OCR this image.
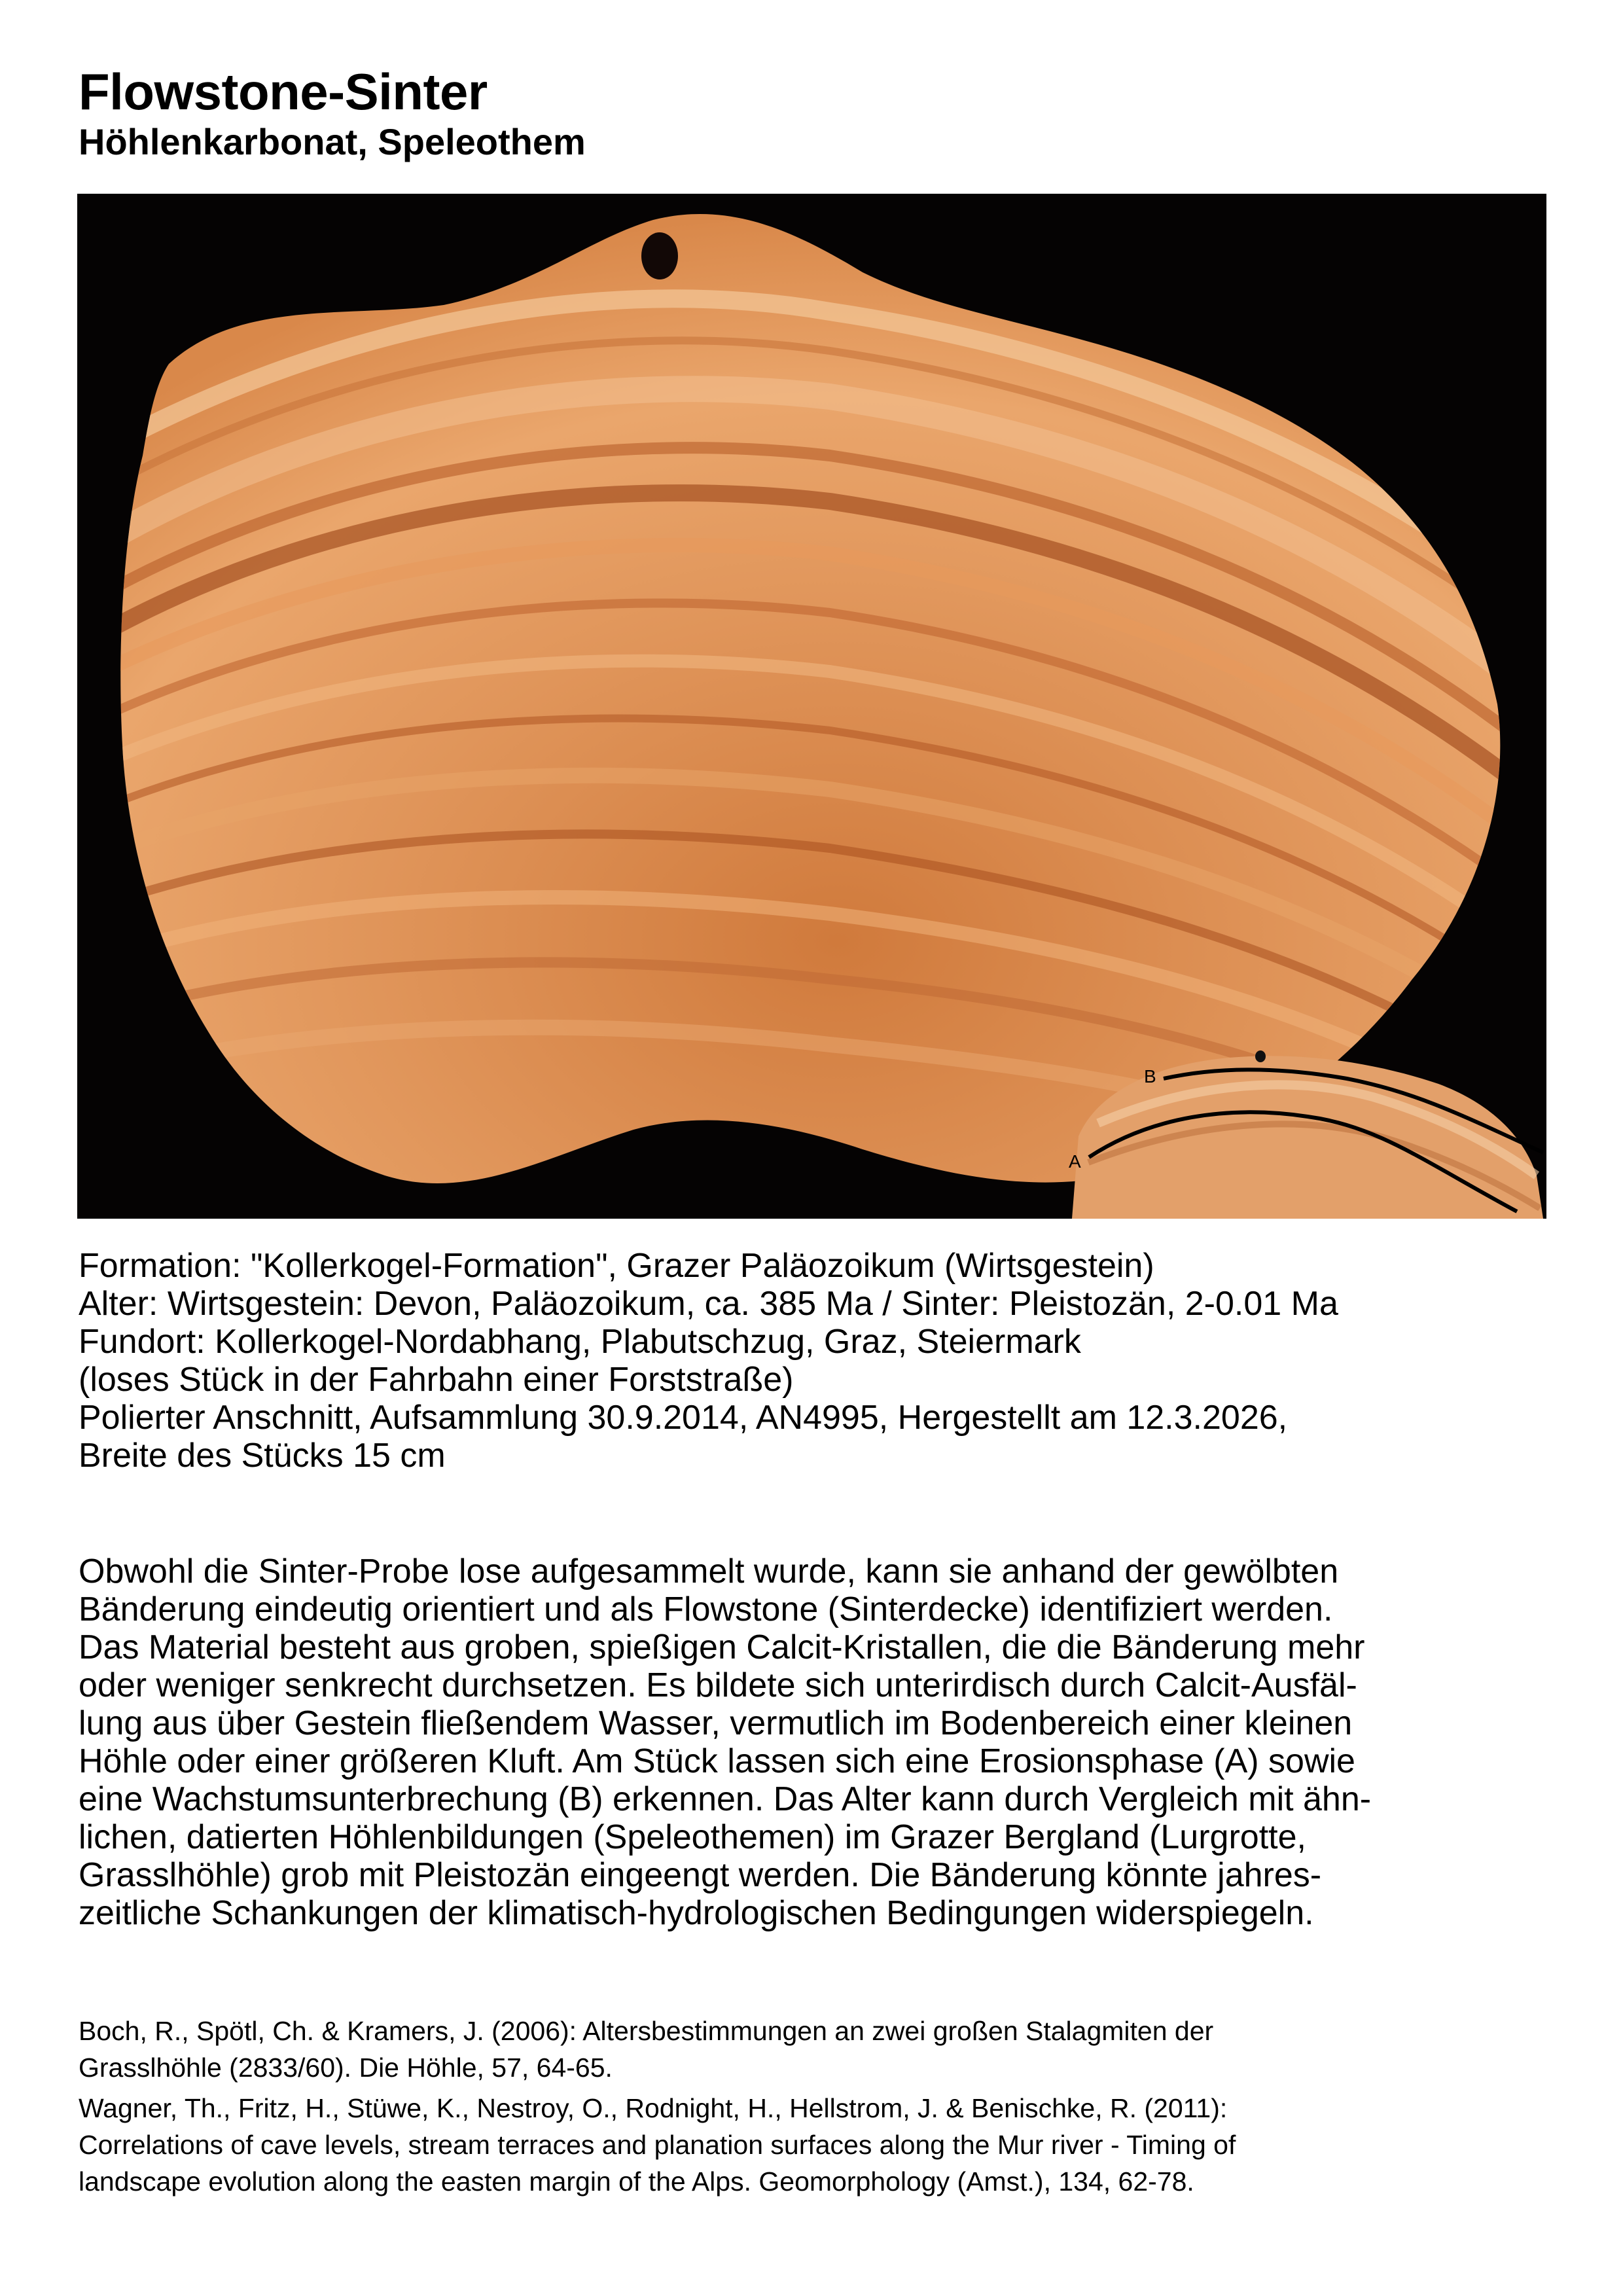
Flowstone-Sinter
Höhlenkarbonat, Speleothem
A
B
Formation: "Kollerkogel-Formation", Grazer Paläozoikum (Wirtsgestein)
Alter: Wirtsgestein: Devon, Paläozoikum, ca. 385 Ma / Sinter: Pleistozän, 2-0.01 Ma
Fundort: Kollerkogel-Nordabhang, Plabutschzug, Graz, Steiermark
(loses Stück in der Fahrbahn einer Forststraße)
Polierter Anschnitt, Aufsammlung 30.9.2014, AN4995, Hergestellt am 12.3.2026,
Breite des Stücks 15 cm
Obwohl die Sinter-Probe lose aufgesammelt wurde, kann sie anhand der gewölbten
Bänderung eindeutig orientiert und als Flowstone (Sinterdecke) identifiziert werden.
Das Material besteht aus groben, spießigen Calcit-Kristallen, die die Bänderung mehr
oder weniger senkrecht durchsetzen. Es bildete sich unterirdisch durch Calcit-Ausfäl-
lung aus über Gestein fließendem Wasser, vermutlich im Bodenbereich einer kleinen
Höhle oder einer größeren Kluft. Am Stück lassen sich eine Erosionsphase (A) sowie
eine Wachstumsunterbrechung (B) erkennen. Das Alter kann durch Vergleich mit ähn-
lichen, datierten Höhlenbildungen (Speleothemen) im Grazer Bergland (Lurgrotte,
Grasslhöhle) grob mit Pleistozän eingeengt werden. Die Bänderung könnte jahres-
zeitliche Schankungen der klimatisch-hydrologischen Bedingungen widerspiegeln.
Boch, R., Spötl, Ch. & Kramers, J. (2006): Altersbestimmungen an zwei großen Stalagmiten der
Grasslhöhle (2833/60). Die Höhle, 57, 64-65.
Wagner, Th., Fritz, H., Stüwe, K., Nestroy, O., Rodnight, H., Hellstrom, J. & Benischke, R. (2011):
Correlations of cave levels, stream terraces and planation surfaces along the Mur river - Timing of
landscape evolution along the easten margin of the Alps. Geomorphology (Amst.), 134, 62-78.
